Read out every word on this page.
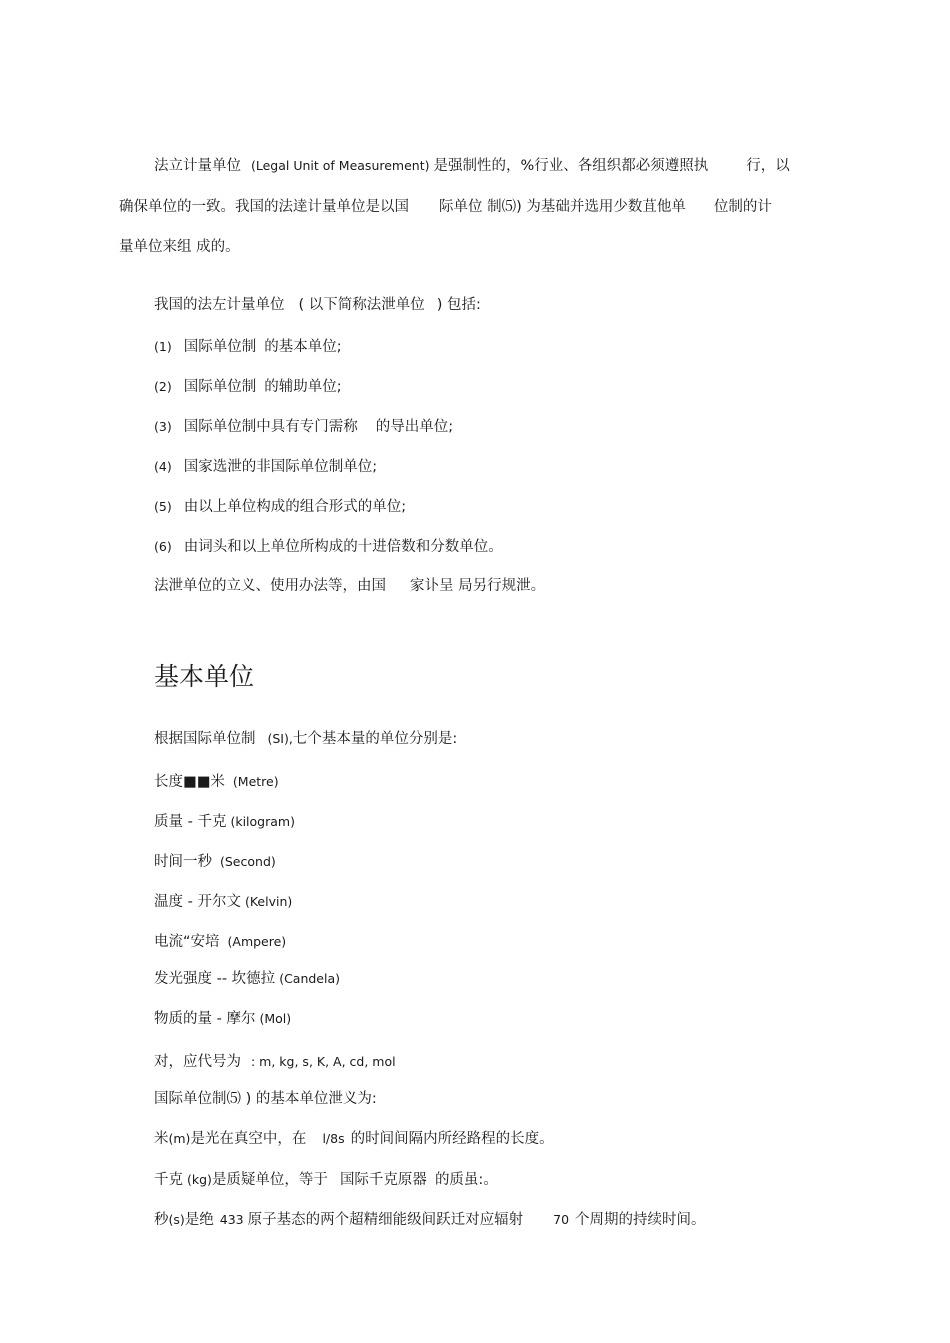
法立计量单位 (Legal Unit of Measurement) 是强制性的，%行业、各组织都必须遵照执	行，以
确保单位的一致。我国的法逹计量单位是以国 际单位 制⑸) 为基础并选用少数苴他单 位制的计
量单位来组 成的。
我国的法左计量单位 ( 以下简称法泄单位 ) 包括:
(1) 国际单位制 的基本单位;
(2) 国际单位制 的辅助单位;
(3) 国际单位制中具有专门需称 的导出单位;
(4) 国家选泄的非国际单位制单位;
(5) 由以上单位构成的组合形式的单位;
(6) 由词头和以上单位所构成的十进倍数和分数单位。
法泄单位的立义、使用办法等，由国 家讣呈 局另行规泄。
基本单位
根据国际单位制 (SI),七个基本量的单位分别是:
长度■■米 (Metre)
质量 - 千克 (kilogram)
时间一秒 (Second)
温度 - 开尔文 (Kelvin)
电流“安培 (Ampere)
发光强度 -- 坎德拉 (Candela)
物质的量 - 摩尔 (Mol)
对，应代号为 : m, kg, s, K, A, cd, mol
国际单位制⑸ ) 的基本单位泄义为:
米(m)是光在真空中，在 l/8s 的时间间隔内所经路程的长度。
千克 (kg)是质疑单位，等于 国际千克原器 的质虽:。
秒(s)是绝 433 原子基态的两个超精细能级间跃迁对应辐射 70 个周期的持续时间。
